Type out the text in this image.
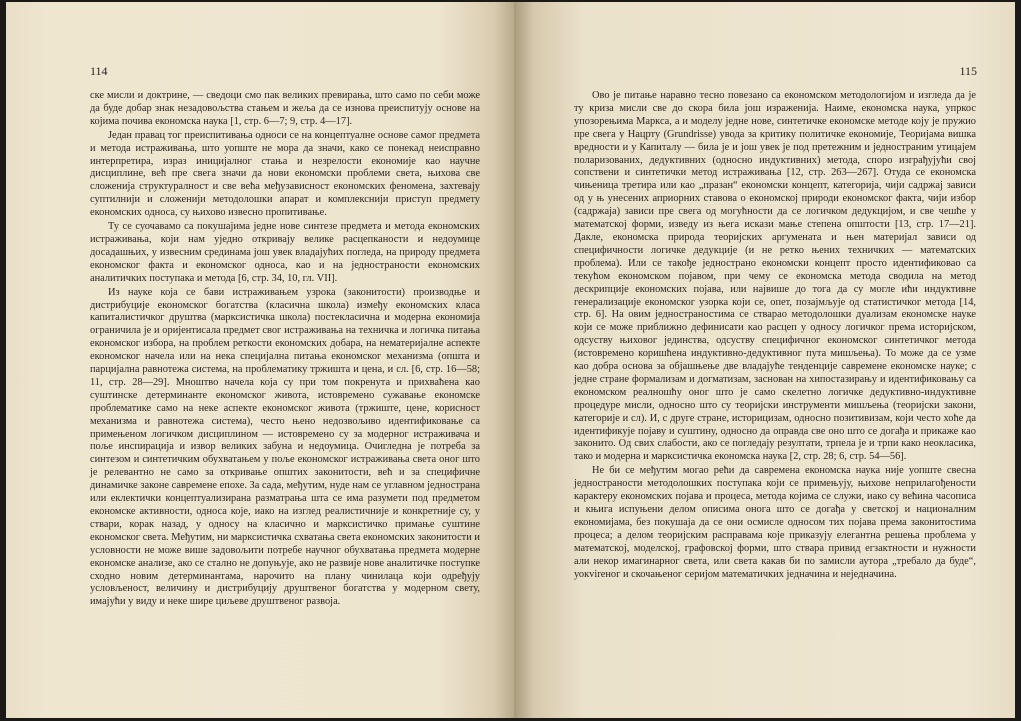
114

ске мисли и доктрине, — сведоци смо пак великих превирања, што само по себи може да буде добар знак незадовољства стањем и жеља да се изнова преиспитују основе на којима почива економска наука [1, стр. 6—7; 9, стр. 4—17].

Један правац тог преиспитивања односи се на концептуалне основе самог предмета и метода истраживања, што уопште не мора да значи, како се понекад неисправно интерпретира, израз иницијалног стања и незрелости економије као научне дисциплине, већ пре свега значи да нови економски проблеми света, њихова све сложенија структуралност и све већа међузависност економских феномена, захтевају суптилнији и сложенији методолошки апарат и комплекснији приступ предмету економских односа, су њихово извесно пропитивање.

Ту се суочавамо са покушајима једне нове синтезе предмета и метода економских истраживања, који нам уједно откривају велике расцепканости и недоумице досадашњих, у извесним срединама још увек владајућих погледа, на природу предмета економског факта и економског односа, као и на једностраности економских аналитичких поступака и метода [6, стр. 34, 10, гл. VII].

Из науке која се бави истраживањем узрока (законитости) производње и дистрибуције економског богатства (класична школа) између економских класа капиталистичког друштва (марксистичка школа) постекласична и модерна економија ограничила је и оријентисала предмет свог истраживања на техничка и логичка питања економског избора, на проблем реткости економских добара, на нематеријалне аспекте економског начела или на нека специјална питања економског механизма (општа и парцијална равнотежа система, на проблематику тржишта и цена, и сл. [6, стр. 16—58; 11, стр. 28—29]. Мноштво начела која су при том покренута и прихваћена као суштинске детерминанте економског живота, истовремено сужавање економске проблематике само на неке аспекте економског живота (тржиште, цене, корисност механизма и равнотежа система), често њено недозвољиво идентификовање са примењеном логичком дисциплином — истовремено су за модерног истраживача и поље инспирација и извор великих забуна и недоумица. Очигледна је потреба за синтезом и синтетичким обухватањем у поље економског истраживања света оног што је релевантно не само за откривање општих законитости, већ и за специфичне динамичке законе савремене епохе. За сада, међутим, нуде нам се углавном једнострана или еклектички концептуализирана разматрања шта се има разумети под предметом економске активности, односа које, иако на изглед реалистичније и конкретније су, у ствари, корак назад, у односу на класично и марксистичко примање суштине економског света. Међутим, ни марксистичка схватања света економских законитости и условности не може више задовољити потребе научног обухватања предмета модерне економске анализе, ако се стално не допуњује, ако не развије нове аналитичке поступке сходно новим детерминантама, нарочито на плану чинилаца који одређују условљеност, величину и дистрибуцију друштвеног богатства у модерном свету, имајући у виду и неке шире циљеве друштвеног развоја.

115

Ово је питање наравно тесно повезано са економском методологијом и изгледа да је ту криза мисли све до скора била још израженија. Наиме, економска наука, упркос упозорењима Маркса, а и моделу једне нове, синтетичке економске методе коју је пружио пре свега у Нацрту (Grundrisse) увода за критику политичке економије, Теоријама вишка вредности и у Капиталу — била је и још увек је под претежним и једностраним утицајем поларизованих, дедуктивних (односно индуктивних) метода, споро изграђујући свој сопствени и синтетички метод истраживања [12, стр. 263—267]. Отуда се економска чињеница третира или као „празан“ економски концепт, категорија, чији садржај зависи од у њ унесених априорних ставова о економској природи економског факта, чији избор (садржаја) зависи пре свега од могућности да се логичком дедукцијом, и све чешће у математској форми, изведу из њега искази мање степена општости [13, стр. 17—21]. Дакле, економска природа теоријских аргумената и њен материјал зависи од специфичности логичке дедукције (и не ретко њених техничких — математских проблема). Или се такође једнострано економски концепт просто идентификовао са текућом економском појавом, при чему се економска метода сводила на метод дескрипције економских појава, или највише до тога да су могле ићи индуктивне генерализације економског узорка који се, опет, позајмљује од статистичког метода [14, стр. 6]. На овим једностраностима се стварао методолошки дуализам економске науке који се може приближно дефинисати као расцеп у односу логичког према историјском, одсуству њиховог јединства, одсуству специфичног економског синтетичког метода (истовремено коришћена индуктивно-дедуктивног пута мишљења). То може да се узме као добра основа за објашњење две владајуће тенденције савремене економске науке; с једне стране формализам и догматизам, заснован на хипостазирању и идентификовању са економском реалношћу оног што је само скелетно логичке дедуктивно-индуктивне процедуре мисли, односно што су теоријски инструменти мишљења (теоријски закони, категорије и сл). И, с друге стране, историцизам, односно позитивизам, који често хоће да идентификује појаву и суштину, односно да оправда све оно што се догађа и прикаже као законито. Од свих слабости, ако се погледају резултати, трпела је и трпи како неокласика, тако и модерна и марксистичка економска наука [2, стр. 28; 6, стр. 54—56].

Не би се међутим могао рећи да савремена економска наука није уопште свесна једностраности методолошких поступака који се примењују, њихове неприлагођености карактеру економских појава и процеса, метода којима се служи, иако су већина часописа и књига испуњени делом описима онога што се догађа у светској и националним економијама, без покушаја да се они осмисле односом тих појава према законитостима процеса; а делом теоријским расправама које приказују елегантна решења проблема у математској, моделској, графовској форми, што ствара привид егзактности и нужности али некор имагинарног света, или света какав би по замисли аутора „требало да буде“, уокvirеног и скочањеног серијом математичких једначина и неједначина.
